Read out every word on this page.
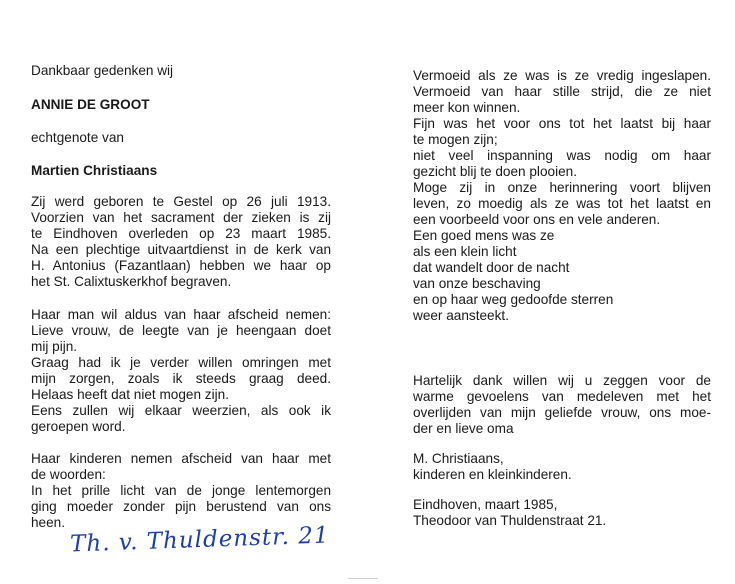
Dankbaar gedenken wij
ANNIE DE GROOT
echtgenote van
Martien Christiaans
Zij werd geboren te Gestel op 26 juli 1913.
Voorzien van het sacrament der zieken is zij
te Eindhoven overleden op 23 maart 1985.
Na een plechtige uitvaartdienst in de kerk van
H. Antonius (Fazantlaan) hebben we haar op
het St. Calixtuskerkhof begraven.
Haar man wil aldus van haar afscheid nemen:
Lieve vrouw, de leegte van je heengaan doet
mij pijn.
Graag had ik je verder willen omringen met
mijn zorgen, zoals ik steeds graag deed.
Helaas heeft dat niet mogen zijn.
Eens zullen wij elkaar weerzien, als ook ik
geroepen word.
Haar kinderen nemen afscheid van haar met
de woorden:
In het prille licht van de jonge lentemorgen
ging moeder zonder pijn berustend van ons
heen.
Vermoeid als ze was is ze vredig ingeslapen.
Vermoeid van haar stille strijd, die ze niet
meer kon winnen.
Fijn was het voor ons tot het laatst bij haar
te mogen zijn;
niet veel inspanning was nodig om haar
gezicht blij te doen plooien.
Moge zij in onze herinnering voort blijven
leven, zo moedig als ze was tot het laatst en
een voorbeeld voor ons en vele anderen.
Een goed mens was ze
als een klein licht
dat wandelt door de nacht
van onze beschaving
en op haar weg gedoofde sterren
weer aansteekt.
Hartelijk dank willen wij u zeggen voor de
warme gevoelens van medeleven met het
overlijden van mijn geliefde vrouw, ons moe-
der en lieve oma
M. Christiaans,
kinderen en kleinkinderen.
Eindhoven, maart 1985,
Theodoor van Thuldenstraat 21.
Th. v. Thuldenstr. 21
